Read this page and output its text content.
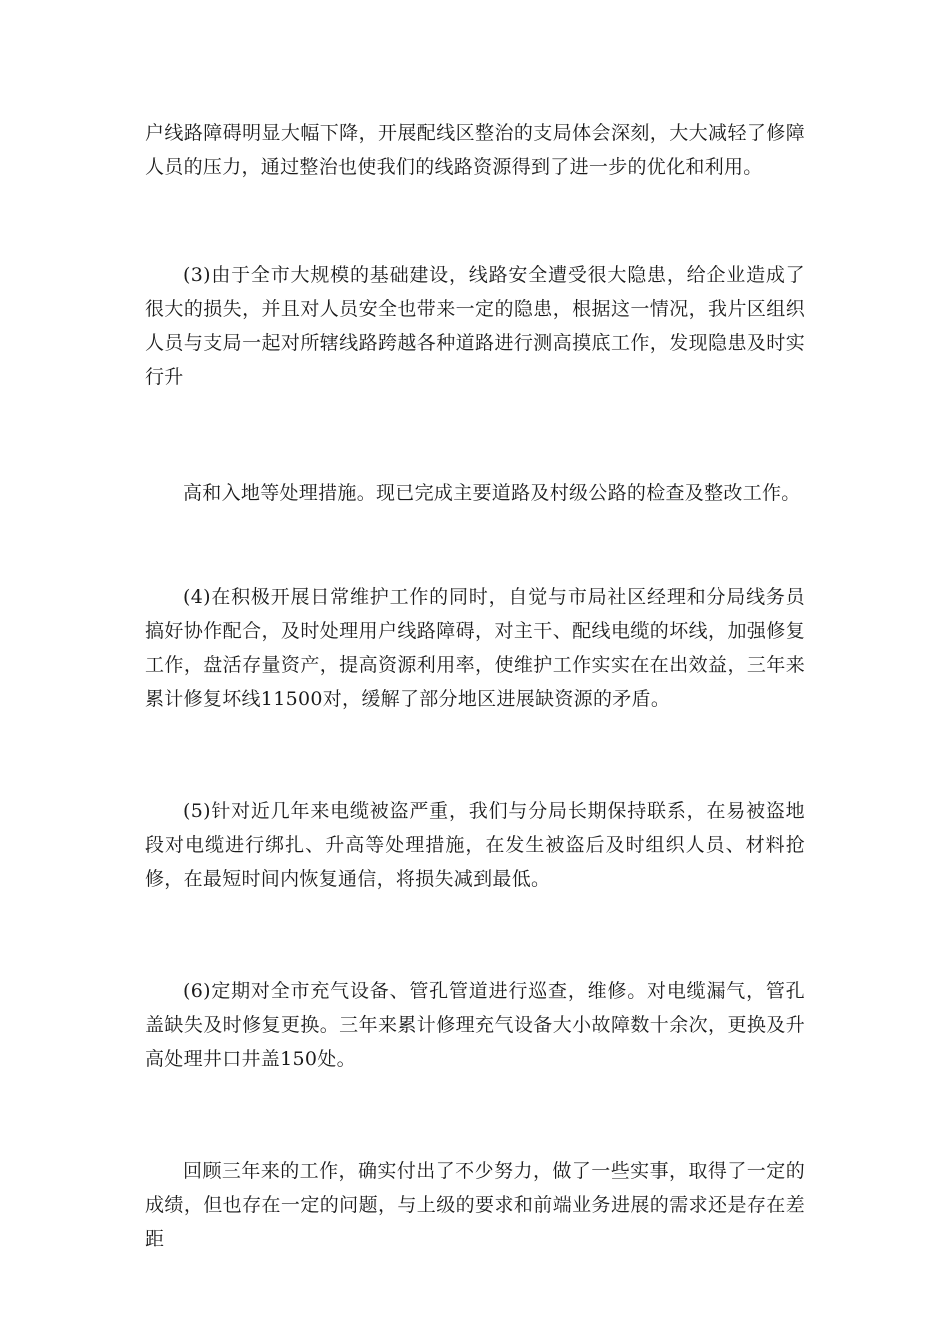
户线路障碍明显大幅下降，开展配线区整治的支局体会深刻，大大减轻了修障人员的压力，通过整治也使我们的线路资源得到了进一步的优化和利用。

(3)由于全市大规模的基础建设，线路安全遭受很大隐患，给企业造成了很大的损失，并且对人员安全也带来一定的隐患，根据这一情况，我片区组织人员与支局一起对所辖线路跨越各种道路进行测高摸底工作，发现隐患及时实行升

高和入地等处理措施。现已完成主要道路及村级公路的检查及整改工作。

(4)在积极开展日常维护工作的同时，自觉与市局社区经理和分局线务员搞好协作配合，及时处理用户线路障碍，对主干、配线电缆的坏线，加强修复工作，盘活存量资产，提高资源利用率，使维护工作实实在在出效益，三年来累计修复坏线11500对，缓解了部分地区进展缺资源的矛盾。

(5)针对近几年来电缆被盗严重，我们与分局长期保持联系，在易被盗地段对电缆进行绑扎、升高等处理措施，在发生被盗后及时组织人员、材料抢修，在最短时间内恢复通信，将损失减到最低。

(6)定期对全市充气设备、管孔管道进行巡查，维修。对电缆漏气，管孔盖缺失及时修复更换。三年来累计修理充气设备大小故障数十余次，更换及升高处理井口井盖150处。

回顾三年来的工作，确实付出了不少努力，做了一些实事，取得了一定的成绩，但也存在一定的问题，与上级的要求和前端业务进展的需求还是存在差距
